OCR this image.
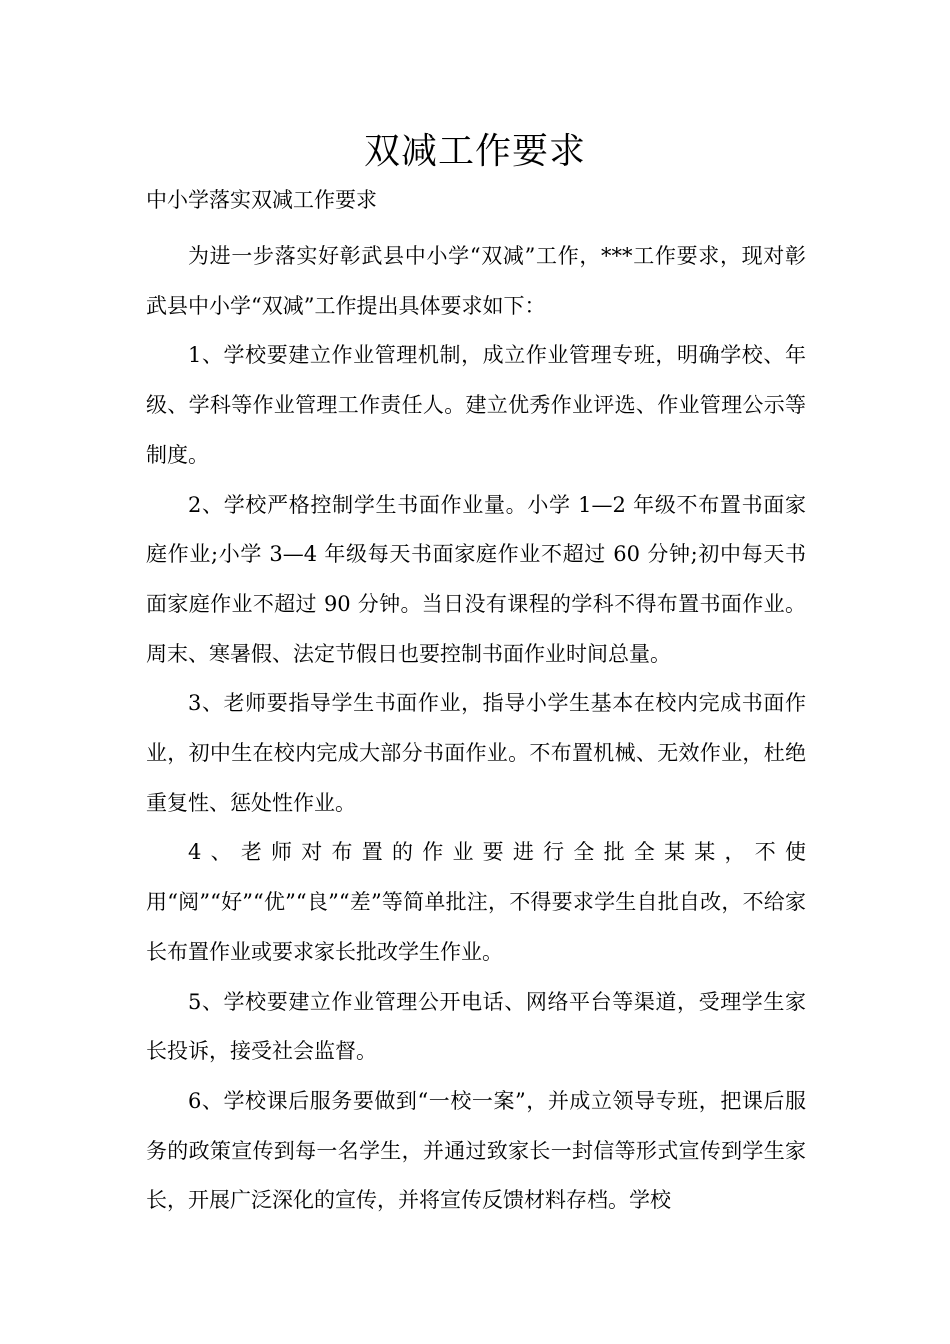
双减工作要求
中小学落实双减工作要求

为进一步落实好彰武县中小学“双减”工作，***工作要求，现对彰武县中小学“双减”工作提出具体要求如下：

1、学校要建立作业管理机制，成立作业管理专班，明确学校、年级、学科等作业管理工作责任人。建立优秀作业评选、作业管理公示等制度。

2、学校严格控制学生书面作业量。小学 1—2 年级不布置书面家庭作业;小学 3—4 年级每天书面家庭作业不超过 60 分钟;初中每天书面家庭作业不超过 90 分钟。当日没有课程的学科不得布置书面作业。周末、寒暑假、法定节假日也要控制书面作业时间总量。

3、老师要指导学生书面作业，指导小学生基本在校内完成书面作业，初中生在校内完成大部分书面作业。不布置机械、无效作业，杜绝重复性、惩处性作业。

4、老师对布置的作业要进行全批全某某，不使用“阅”“好”“优”“良”“差”等简单批注，不得要求学生自批自改，不给家长布置作业或要求家长批改学生作业。

5、学校要建立作业管理公开电话、网络平台等渠道，受理学生家长投诉，接受社会监督。

6、学校课后服务要做到“一校一案”，并成立领导专班，把课后服务的政策宣传到每一名学生，并通过致家长一封信等形式宣传到学生家长，开展广泛深化的宣传，并将宣传反馈材料存档。学校
